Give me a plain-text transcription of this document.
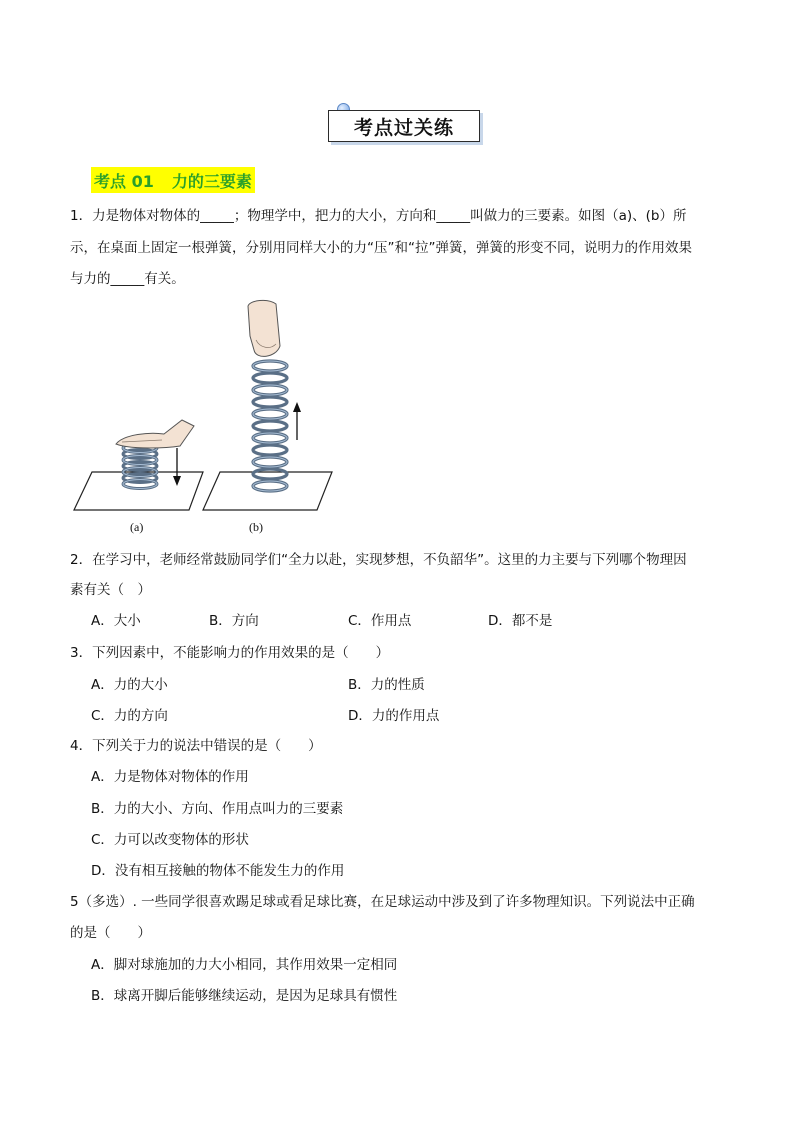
考点过关练
考点 01 力的三要素
1．力是物体对物体的_____；物理学中，把力的大小，方向和_____叫做力的三要素。如图（a)、(b）所
示，在桌面上固定一根弹簧，分别用同样大小的力“压”和“拉”弹簧，弹簧的形变不同，说明力的作用效果
与力的_____有关。
(a)	(b)
2．在学习中，老师经常鼓励同学们“全力以赴，实现梦想，不负韶华”。这里的力主要与下列哪个物理因
素有关（　）
A．大小	B．方向	C．作用点	D．都不是
3．下列因素中，不能影响力的作用效果的是（　　）
A．力的大小	B．力的性质
C．力的方向	D．力的作用点
4．下列关于力的说法中错误的是（　　）
A．力是物体对物体的作用
B．力的大小、方向、作用点叫力的三要素
C．力可以改变物体的形状
D．没有相互接触的物体不能发生力的作用
5（多选）. 一些同学很喜欢踢足球或看足球比赛，在足球运动中涉及到了许多物理知识。下列说法中正确
的是（　　）
A．脚对球施加的力大小相同，其作用效果一定相同
B．球离开脚后能够继续运动，是因为足球具有惯性
